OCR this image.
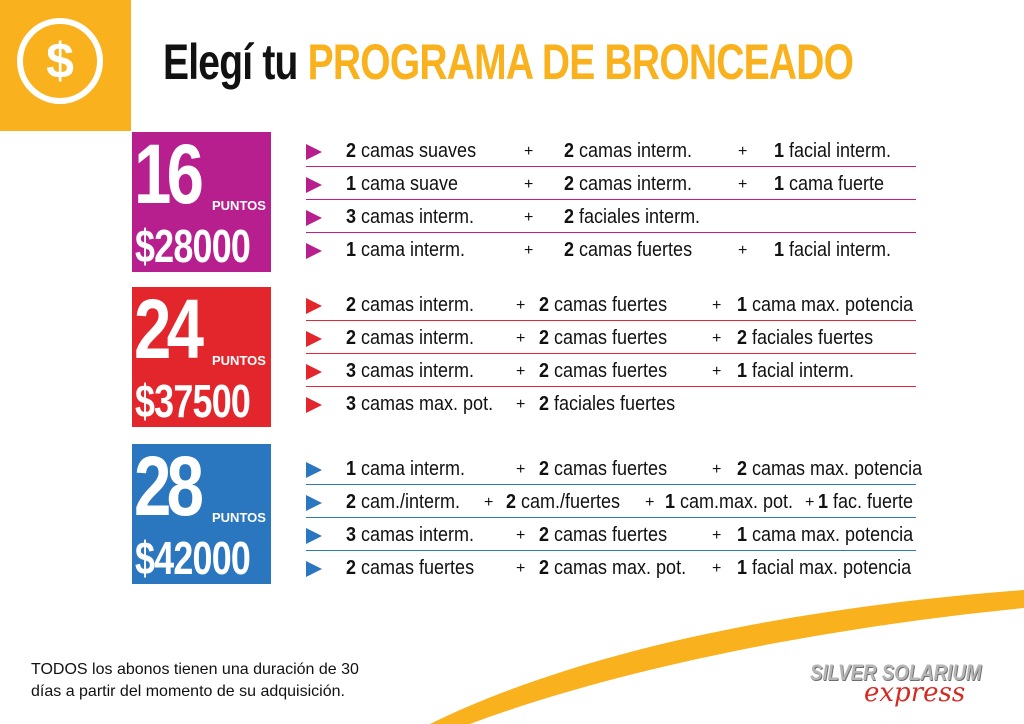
$	Elegí tu PROGRAMA DE BRONCEADO
16 PUNTOS
$28000
24 PUNTOS
$37500
28 PUNTOS
$42000
2 camas suaves	+ 2 camas interm.	+ 1 facial interm.
1 cama suave	+ 2 camas interm.	+ 1 cama fuerte
3 camas interm.	+ 2 faciales interm.
1 cama interm.	+ 2 camas fuertes	+ 1 facial interm.
2 camas interm.	+ 2 camas fuertes	+ 1 cama max. potencia
2 camas interm.	+ 2 camas fuertes	+ 2 faciales fuertes
3 camas interm.	+ 2 camas fuertes	+ 1 facial interm.
3 camas max. pot. + 2 faciales fuertes
1 cama interm.	+ 2 camas fuertes	+ 2 camas max. potencia
2 cam./interm. + 2 cam./fuertes + 1 cam.max. pot. + 1 fac. fuerte
3 camas interm.	+ 2 camas fuertes	+ 1 cama max. potencia
2 camas fuertes	+ 2 camas max. pot. + 1 facial max. potencia
TODOS los abonos tienen una duración de 30
días a partir del momento de su adquisición.
SILVER SOLARIUM
express
